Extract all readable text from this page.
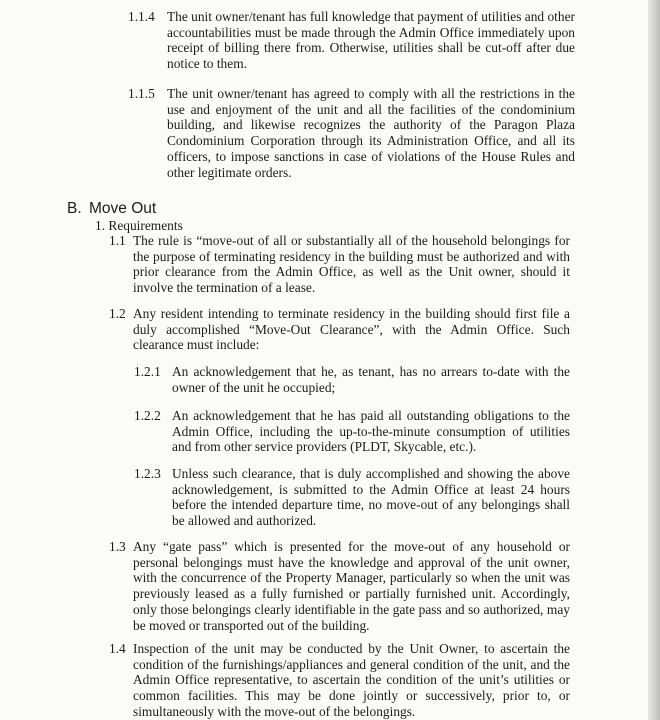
1.1.4 The unit owner/tenant has full knowledge that payment of utilities and other accountabilities must be made through the Admin Office immediately upon receipt of billing there from. Otherwise, utilities shall be cut-off after due notice to them.

1.1.5 The unit owner/tenant has agreed to comply with all the restrictions in the use and enjoyment of the unit and all the facilities of the condominium building, and likewise recognizes the authority of the Paragon Plaza Condominium Corporation through its Administration Office, and all its officers, to impose sanctions in case of violations of the House Rules and other legitimate orders.

B. Move Out

1. Requirements

1.1 The rule is “move-out of all or substantially all of the household belongings for the purpose of terminating residency in the building must be authorized and with prior clearance from the Admin Office, as well as the Unit owner, should it involve the termination of a lease.

1.2 Any resident intending to terminate residency in the building should first file a duly accomplished “Move-Out Clearance”, with the Admin Office. Such clearance must include:

1.2.1 An acknowledgement that he, as tenant, has no arrears to-date with the owner of the unit he occupied;

1.2.2 An acknowledgement that he has paid all outstanding obligations to the Admin Office, including the up-to-the-minute consumption of utilities and from other service providers (PLDT, Skycable, etc.).

1.2.3 Unless such clearance, that is duly accomplished and showing the above acknowledgement, is submitted to the Admin Office at least 24 hours before the intended departure time, no move-out of any belongings shall be allowed and authorized.

1.3 Any “gate pass” which is presented for the move-out of any household or personal belongings must have the knowledge and approval of the unit owner, with the concurrence of the Property Manager, particularly so when the unit was previously leased as a fully furnished or partially furnished unit. Accordingly, only those belongings clearly identifiable in the gate pass and so authorized, may be moved or transported out of the building.

1.4 Inspection of the unit may be conducted by the Unit Owner, to ascertain the condition of the furnishings/appliances and general condition of the unit, and the Admin Office representative, to ascertain the condition of the unit’s utilities or common facilities. This may be done jointly or successively, prior to, or simultaneously with the move-out of the belongings.
